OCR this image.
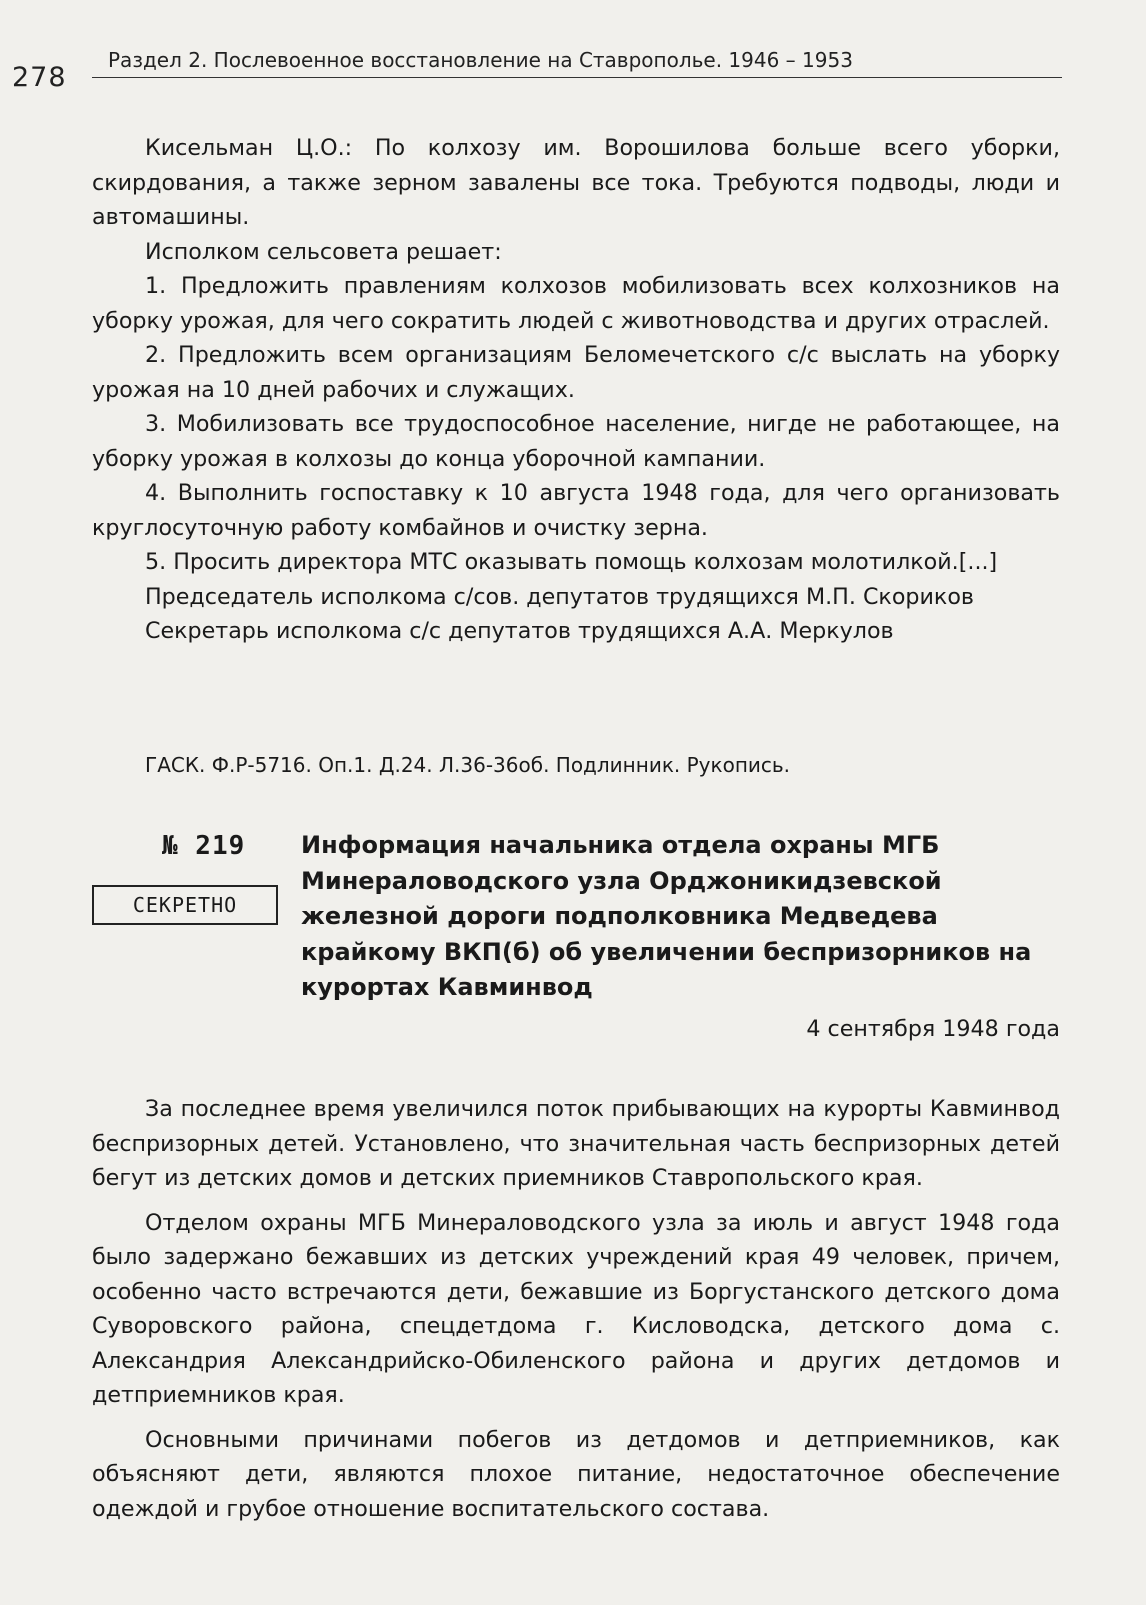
278
Раздел 2. Послевоенное восстановление на Ставрополье. 1946 – 1953

Кисельман Ц.О.: По колхозу им. Ворошилова больше всего уборки, скирдования, а также зерном завалены все тока. Требуются подводы, люди и автомашины.

Исполком сельсовета решает:

1. Предложить правлениям колхозов мобилизовать всех колхозников на уборку урожая, для чего сократить людей с животноводства и других отраслей.

2. Предложить всем организациям Беломечетского с/с выслать на уборку урожая на 10 дней рабочих и служащих.

3. Мобилизовать все трудоспособное население, нигде не работающее, на уборку урожая в колхозы до конца уборочной кампании.

4. Выполнить госпоставку к 10 августа 1948 года, для чего организовать круглосуточную работу комбайнов и очистку зерна.

5. Просить директора МТС оказывать помощь колхозам молотилкой.[...]

Председатель исполкома с/сов. депутатов трудящихся М.П. Скориков

Секретарь исполкома с/с депутатов трудящихся А.А. Меркулов

ГАСК. Ф.Р-5716. Оп.1. Д.24. Л.36-36об. Подлинник. Рукопись.
№ 219
СЕКРЕТНО
Информация начальника отдела охраны МГБ Минераловодского узла Орджоникидзевской железной дороги подполковника Медведева крайкому ВКП(б) об увеличении беспризорников на курортах Кавминвод
4 сентября 1948 года

За последнее время увеличился поток прибывающих на курорты Кавминвод беспризорных детей. Установлено, что значительная часть беспризорных детей бегут из детских домов и детских приемников Ставропольского края.

Отделом охраны МГБ Минераловодского узла за июль и август 1948 года было задержано бежавших из детских учреждений края 49 человек, причем, особенно часто встречаются дети, бежавшие из Боргустанского детского дома Суворовского района, спецдетдома г. Кисловодска, детского дома с. Александрия Александрийско-Обиленского района и других детдомов и детприемников края.

Основными причинами побегов из детдомов и детприемников, как объясняют дети, являются плохое питание, недостаточное обеспечение одеждой и грубое отношение воспитательского состава.
